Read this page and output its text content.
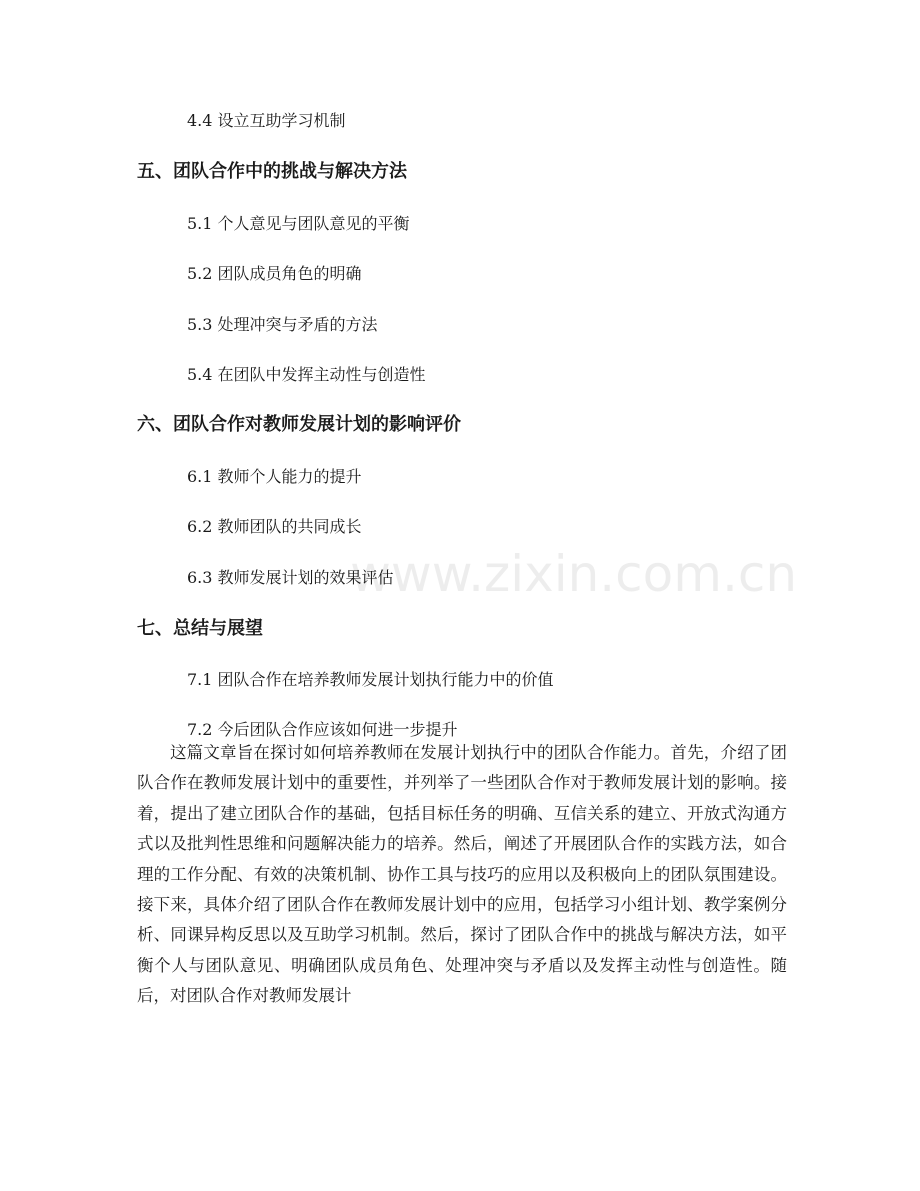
www.zixin.com.cn
4.4 设立互助学习机制
五、团队合作中的挑战与解决方法
5.1 个人意见与团队意见的平衡
5.2 团队成员角色的明确
5.3 处理冲突与矛盾的方法
5.4 在团队中发挥主动性与创造性
六、团队合作对教师发展计划的影响评价
6.1 教师个人能力的提升
6.2 教师团队的共同成长
6.3 教师发展计划的效果评估
七、总结与展望
7.1 团队合作在培养教师发展计划执行能力中的价值
7.2 今后团队合作应该如何进一步提升

这篇文章旨在探讨如何培养教师在发展计划执行中的团队合作能力。首先，介绍了团队合作在教师发展计划中的重要性，并列举了一些团队合作对于教师发展计划的影响。接着，提出了建立团队合作的基础，包括目标任务的明确、互信关系的建立、开放式沟通方式以及批判性思维和问题解决能力的培养。然后，阐述了开展团队合作的实践方法，如合理的工作分配、有效的决策机制、协作工具与技巧的应用以及积极向上的团队氛围建设。接下来，具体介绍了团队合作在教师发展计划中的应用，包括学习小组计划、教学案例分析、同课异构反思以及互助学习机制。然后，探讨了团队合作中的挑战与解决方法，如平衡个人与团队意见、明确团队成员角色、处理冲突与矛盾以及发挥主动性与创造性。随后，对团队合作对教师发展计
